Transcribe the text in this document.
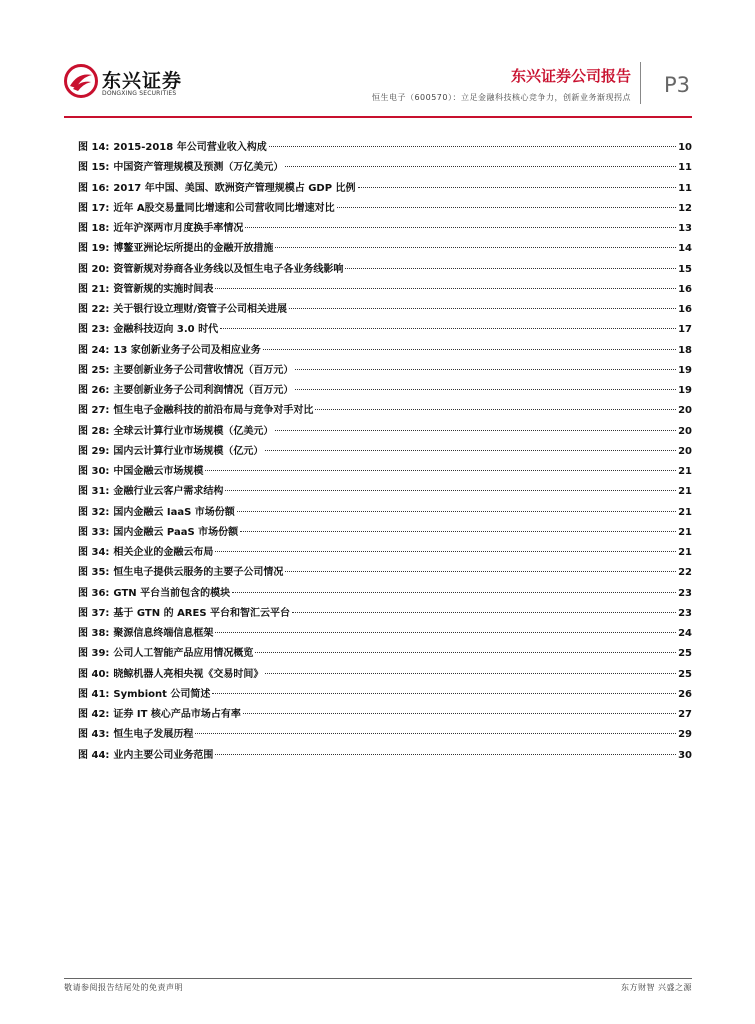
东兴证券
DONGXING SECURITIES
东兴证券公司报告
恒生电子（600570）：立足金融科技核心竞争力，创新业务渐现拐点
P3
图 14: 2015-2018 年公司营业收入构成	10
图 15: 中国资产管理规模及预测（万亿美元）	11
图 16: 2017 年中国、美国、欧洲资产管理规模占 GDP 比例	11
图 17: 近年 A股交易量同比增速和公司营收同比增速对比	12
图 18: 近年沪深两市月度换手率情况	13
图 19: 博鳌亚洲论坛所提出的金融开放措施	14
图 20: 资管新规对券商各业务线以及恒生电子各业务线影响	15
图 21: 资管新规的实施时间表	16
图 22: 关于银行设立理财/资管子公司相关进展	16
图 23: 金融科技迈向 3.0 时代	17
图 24: 13 家创新业务子公司及相应业务	18
图 25: 主要创新业务子公司营收情况（百万元）	19
图 26: 主要创新业务子公司利润情况（百万元）	19
图 27: 恒生电子金融科技的前沿布局与竞争对手对比	20
图 28: 全球云计算行业市场规模（亿美元）	20
图 29: 国内云计算行业市场规模（亿元）	20
图 30: 中国金融云市场规模	21
图 31: 金融行业云客户需求结构	21
图 32: 国内金融云 IaaS 市场份额	21
图 33: 国内金融云 PaaS 市场份额	21
图 34: 相关企业的金融云布局	21
图 35: 恒生电子提供云服务的主要子公司情况	22
图 36: GTN 平台当前包含的模块	23
图 37: 基于 GTN 的 ARES 平台和智汇云平台	23
图 38: 聚源信息终端信息框架	24
图 39: 公司人工智能产品应用情况概览	25
图 40: 晓鲸机器人亮相央视《交易时间》	25
图 41: Symbiont 公司简述	26
图 42: 证券 IT 核心产品市场占有率	27
图 43: 恒生电子发展历程	29
图 44: 业内主要公司业务范围	30
敬请参阅报告结尾处的免责声明	东方财智 兴盛之源
